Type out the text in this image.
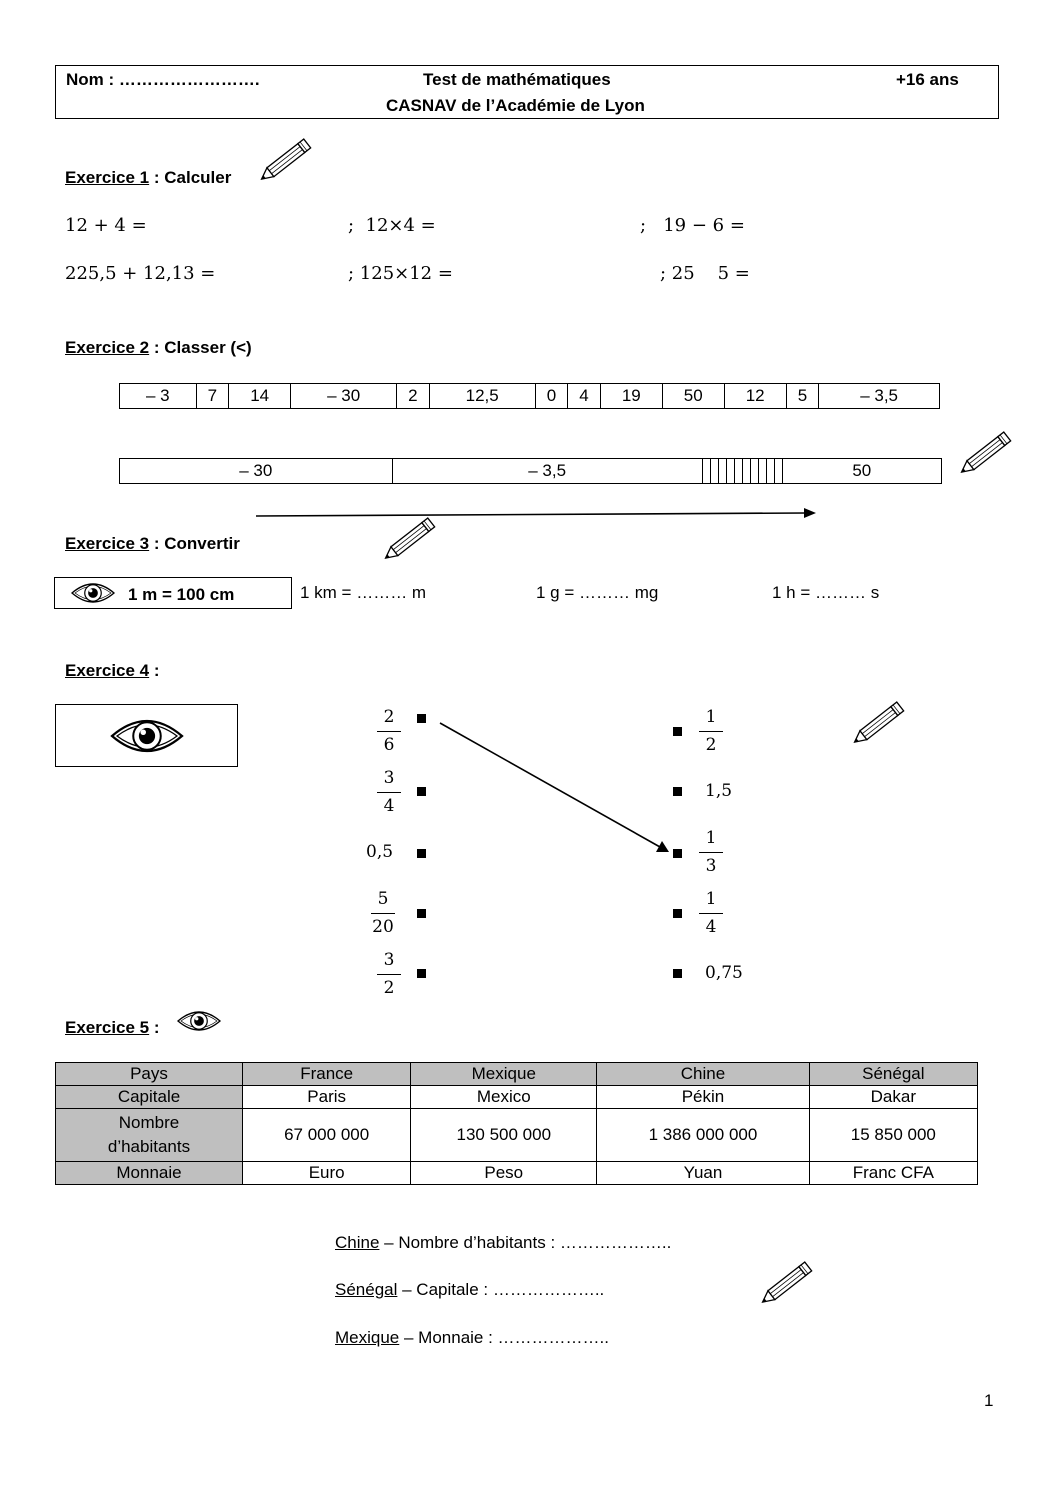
Nom : …………………….	Test de mathématiques	+16 ans
CASNAV de l’Académie de Lyon
Exercice 1 : Calculer
12 + 4 =	;  12×4 =	;   19 − 6 =
225,5 + 12,13 =	; 125×12 =	; 25    5 =
Exercice 2 : Classer (<)
– 3	7	14	– 30	2	12,5	0	4	19	50	12	5	– 3,5
– 30	– 3,5											50
Exercice 3 : Convertir
1 m = 100 cm	1 km = ……… m	1 g = ……… mg	1 h = ……… s
Exercice 4 :
2
6
3
4
0,5
5
20
3
2
1
2
1,5
1
3
1
4
0,75
Exercice 5 :
Pays	France	Mexique	Chine	Sénégal
Capitale	Paris	Mexico	Pékin	Dakar
Nombre
d’habitants	67 000 000	130 500 000	1 386 000 000	15 850 000
Monnaie	Euro	Peso	Yuan	Franc CFA
Chine – Nombre d’habitants : ………………..
Sénégal – Capitale : ………………..
Mexique – Monnaie : ………………..
1
